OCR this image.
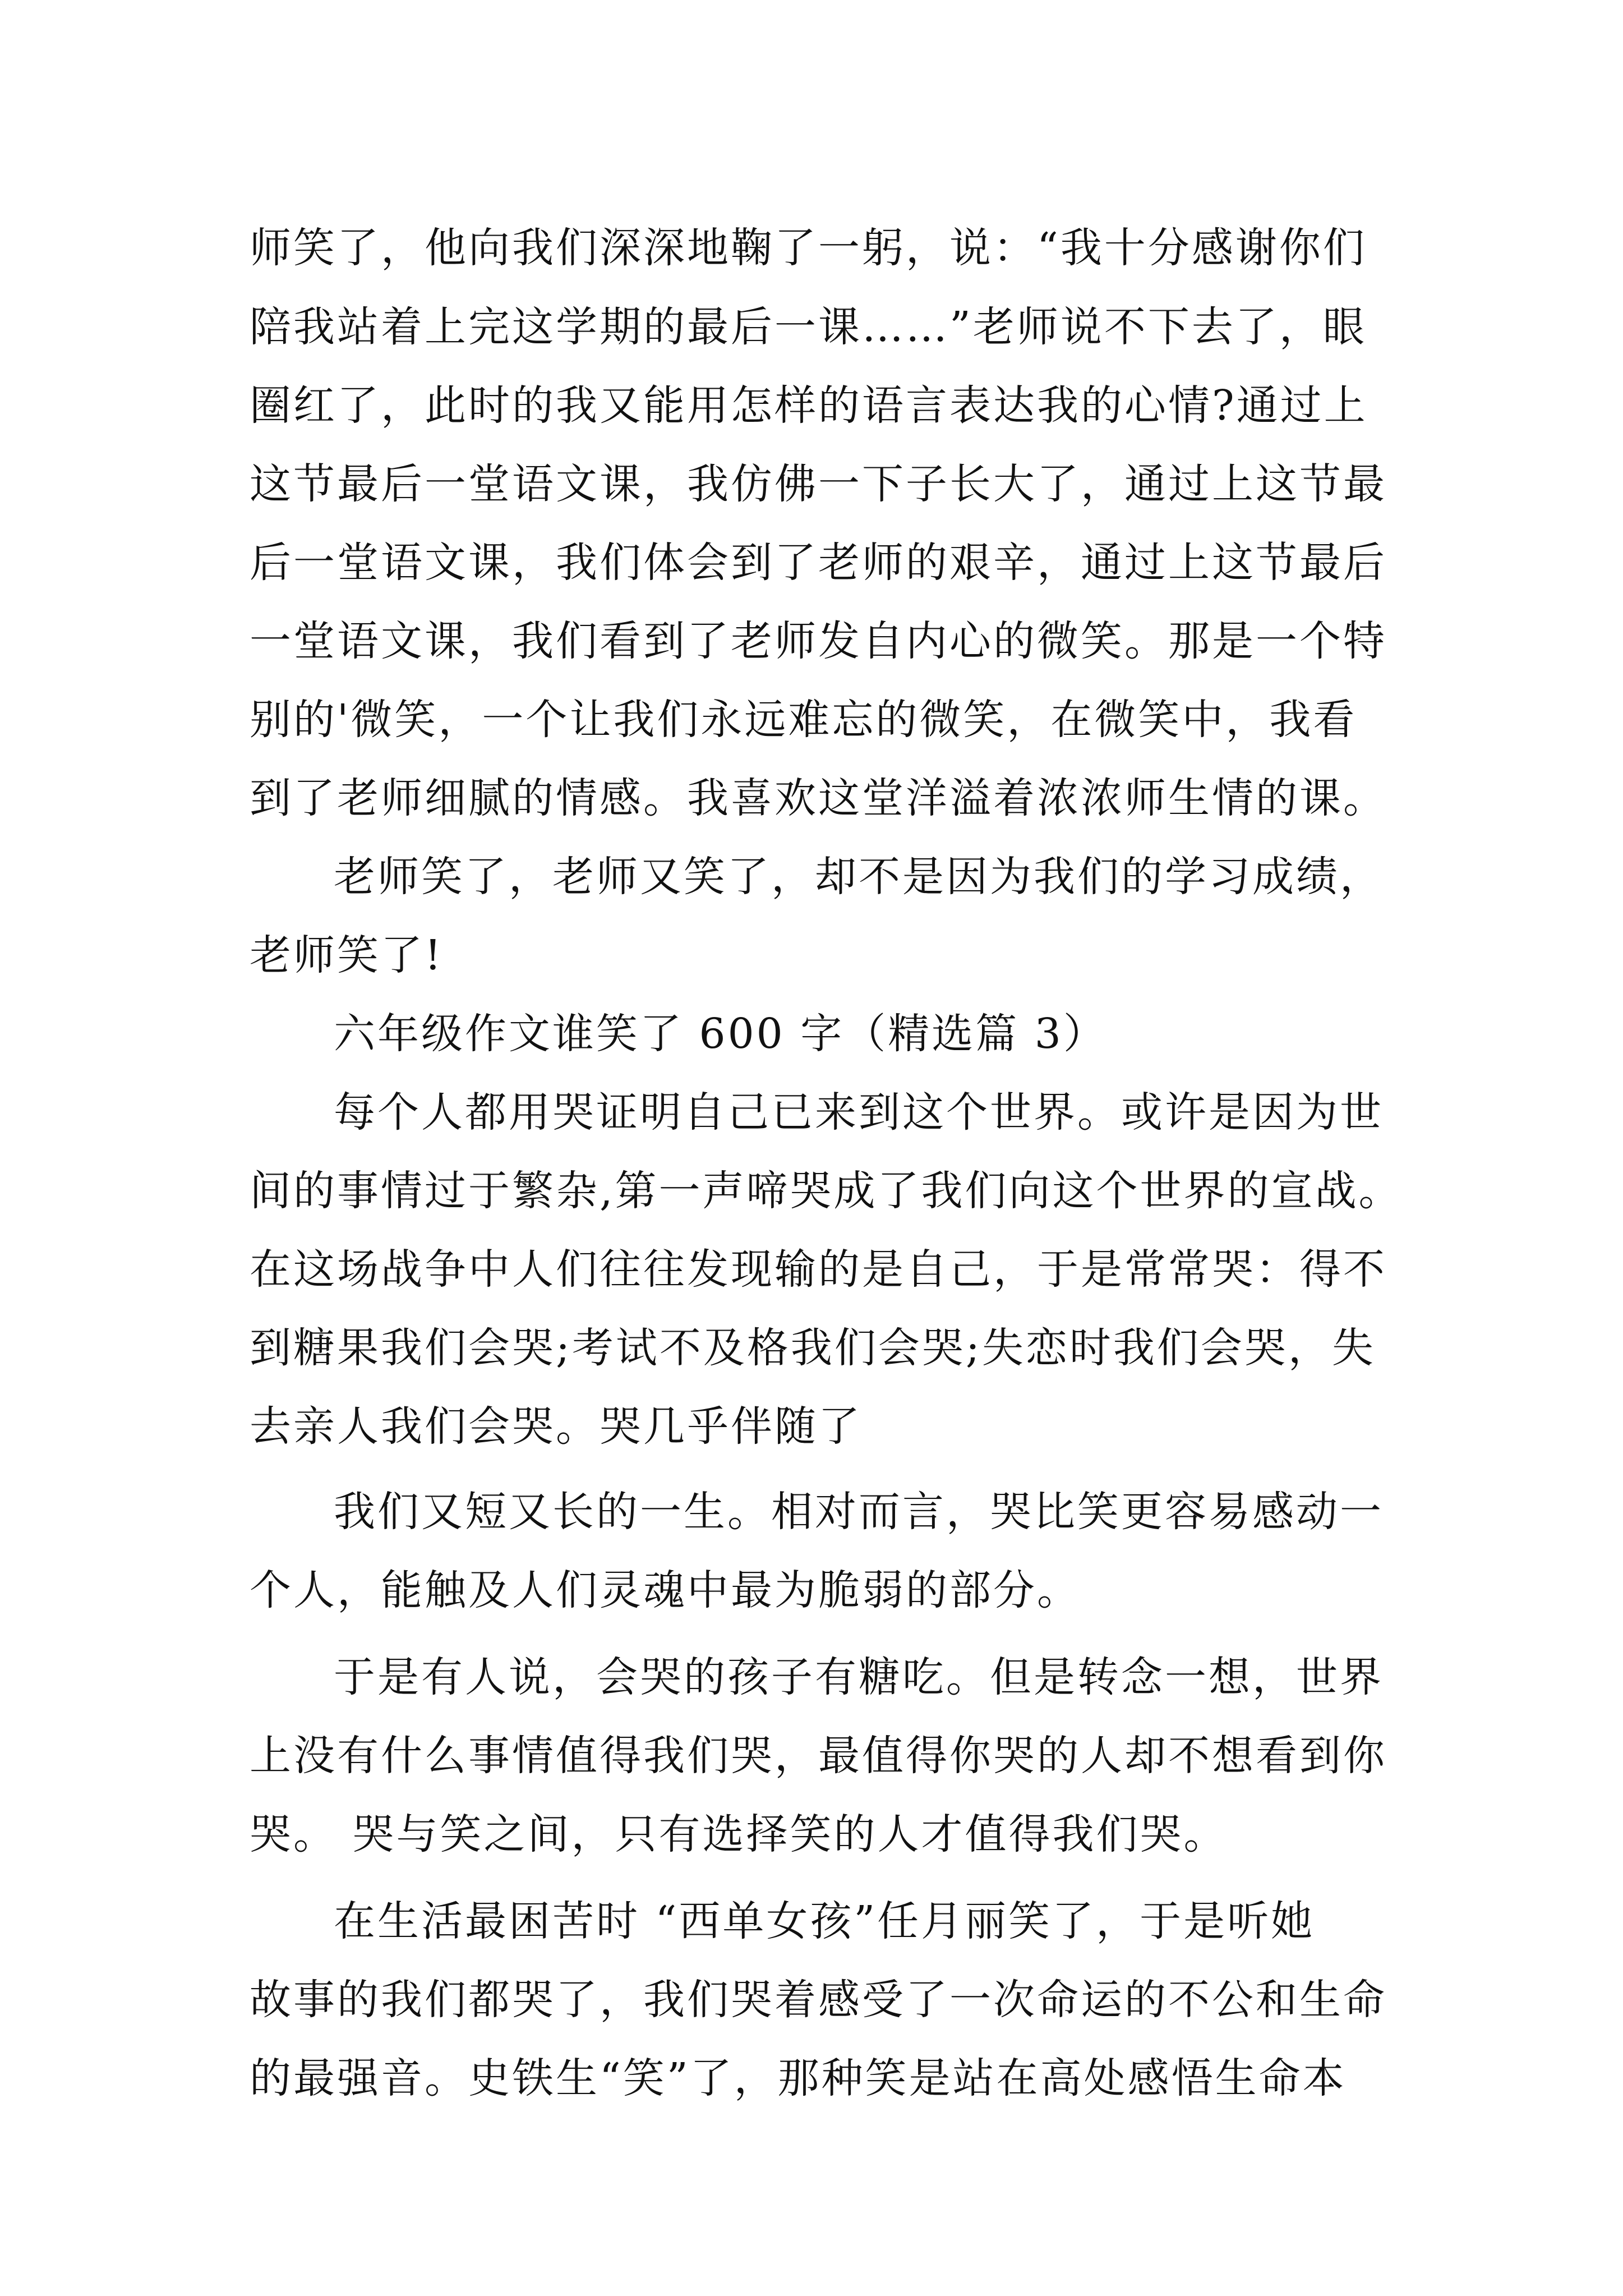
师笑了，他向我们深深地鞠了一躬，说：“我十分感谢你们
陪我站着上完这学期的最后一课……”老师说不下去了，眼
圈红了，此时的我又能用怎样的语言表达我的心情?通过上
这节最后一堂语文课，我仿佛一下子长大了，通过上这节最
后一堂语文课，我们体会到了老师的艰辛，通过上这节最后
一堂语文课，我们看到了老师发自内心的微笑。那是一个特
别的'微笑，一个让我们永远难忘的微笑，在微笑中，我看
到了老师细腻的情感。我喜欢这堂洋溢着浓浓师生情的课。
老师笑了，老师又笑了，却不是因为我们的学习成绩，
老师笑了!
六年级作文谁笑了 600 字（精选篇 3）
每个人都用哭证明自己已来到这个世界。或许是因为世
间的事情过于繁杂,第一声啼哭成了我们向这个世界的宣战。
在这场战争中人们往往发现输的是自己，于是常常哭：得不
到糖果我们会哭;考试不及格我们会哭;失恋时我们会哭，失
去亲人我们会哭。哭几乎伴随了
我们又短又长的一生。相对而言，哭比笑更容易感动一
个人，能触及人们灵魂中最为脆弱的部分。
于是有人说，会哭的孩子有糖吃。但是转念一想，世界
上没有什么事情值得我们哭，最值得你哭的人却不想看到你
哭。 哭与笑之间，只有选择笑的人才值得我们哭。
在生活最困苦时 “西单女孩”任月丽笑了，于是听她
故事的我们都哭了，我们哭着感受了一次命运的不公和生命
的最强音。史铁生“笑”了，那种笑是站在高处感悟生命本
